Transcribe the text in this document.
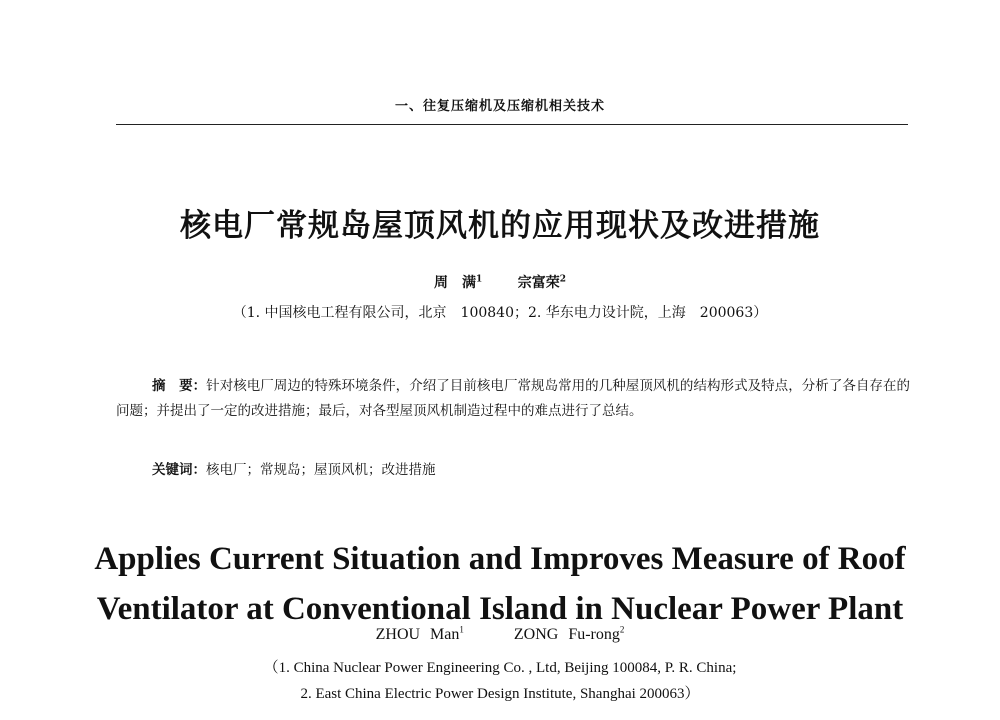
一、往复压缩机及压缩机相关技术
核电厂常规岛屋顶风机的应用现状及改进措施
周　满$^1$	宗富荣$^2$
（1. 中国核电工程有限公司，北京　100840；2. 华东电力设计院，上海　200063）
摘　要：针对核电厂周边的特殊环境条件，介绍了目前核电厂常规岛常用的几种屋顶风机的结构形式及特点，分析了各自存在的问题；并提出了一定的改进措施；最后，对各型屋顶风机制造过程中的难点进行了总结。
关键词：核电厂；常规岛；屋顶风机；改进措施
Applies Current Situation and Improves Measure of Roof
Ventilator at Conventional Island in Nuclear Power Plant
ZHOU Man$^1$	ZONG Fu-rong$^2$
（1. China Nuclear Power Engineering Co. , Ltd, Beijing 100084, P. R. China;
2. East China Electric Power Design Institute, Shanghai 200063）
